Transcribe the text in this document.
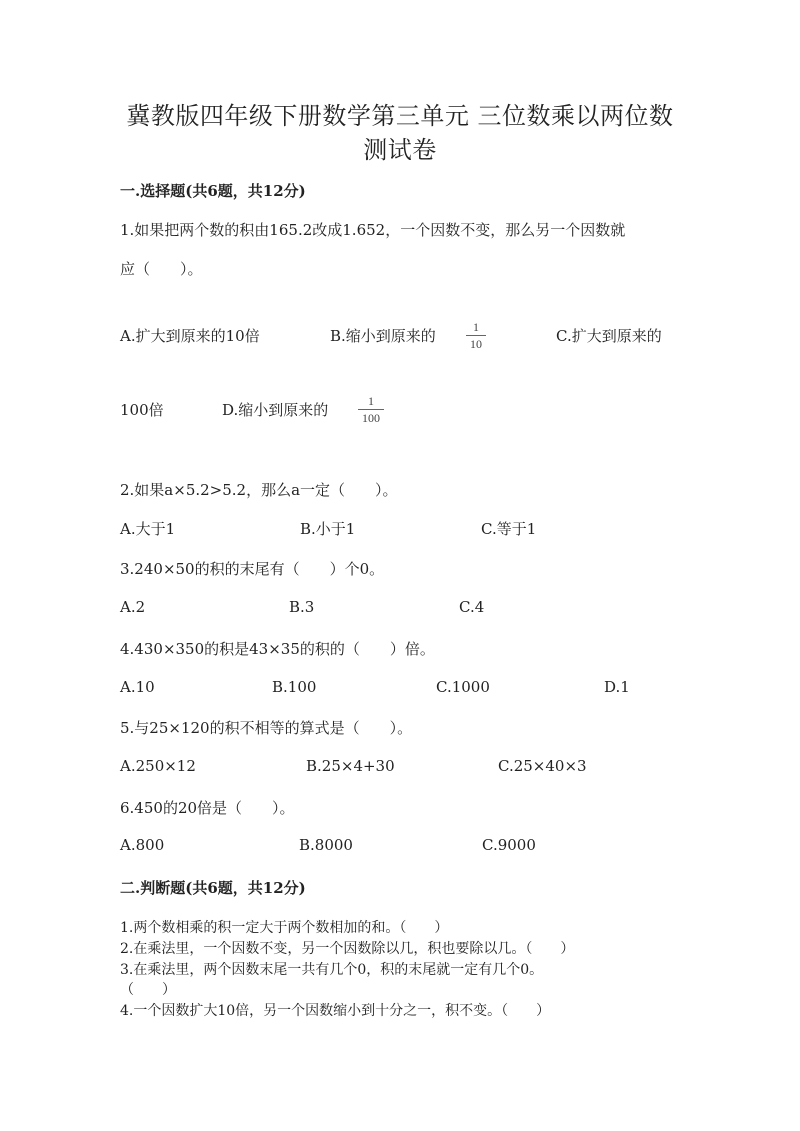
冀教版四年级下册数学第三单元 三位数乘以两位数
测试卷
一.选择题(共6题，共12分)
1.如果把两个数的积由165.2改成1.652，一个因数不变，那么另一个因数就
应（　　）。
A.扩大到原来的10倍	B.缩小到原来的	1
10	C.扩大到原来的
100倍	D.缩小到原来的	1
100
2.如果a×5.2>5.2，那么a一定（　　）。
A.大于1	B.小于1	C.等于1
3.240×50的积的末尾有（　　）个0。
A.2	B.3	C.4
4.430×350的积是43×35的积的（　　）倍。
A.10	B.100	C.1000	D.1
5.与25×120的积不相等的算式是（　　）。
A.250×12	B.25×4+30	C.25×40×3
6.450的20倍是（　　）。
A.800	B.8000	C.9000
二.判断题(共6题，共12分)
1.两个数相乘的积一定大于两个数相加的和。（　　）
2.在乘法里，一个因数不变，另一个因数除以几，积也要除以几。（　　）
3.在乘法里，两个因数末尾一共有几个0，积的末尾就一定有几个0。
（　　）
4.一个因数扩大10倍，另一个因数缩小到十分之一，积不变。（　　）
